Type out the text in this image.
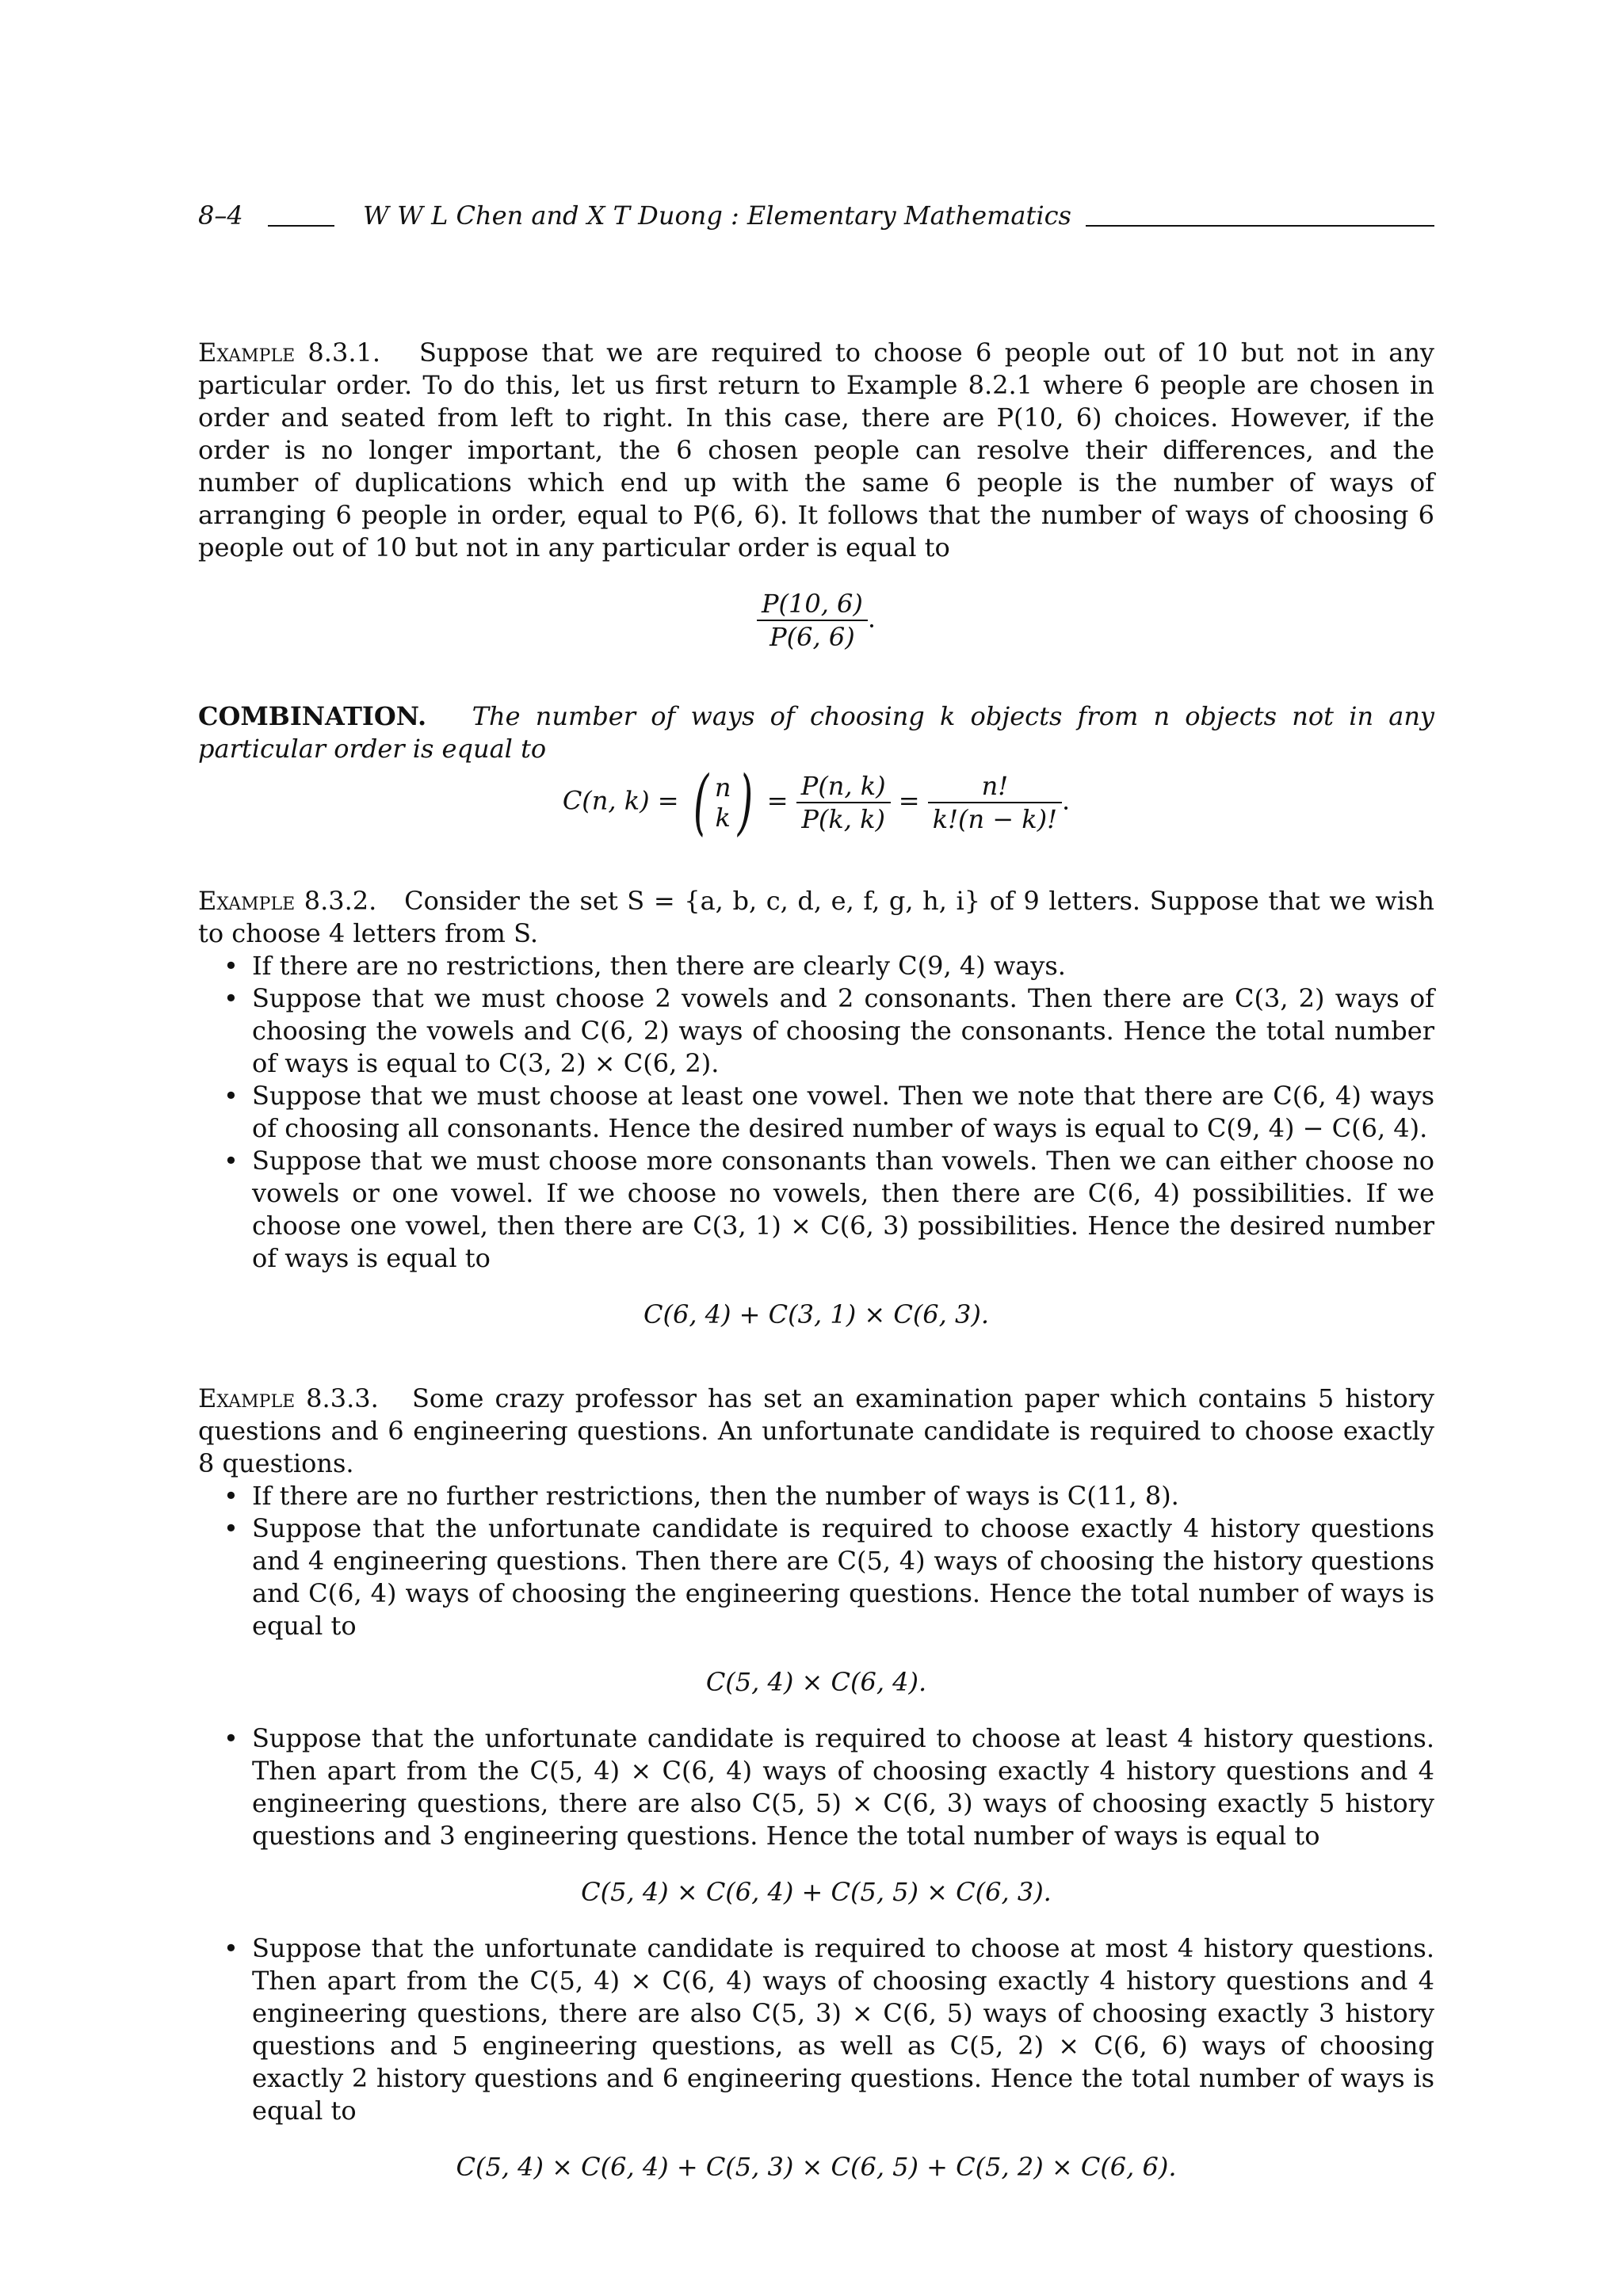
8–4	W W L Chen and X T Duong : Elementary Mathematics

Example 8.3.1. Suppose that we are required to choose 6 people out of 10 but not in any particular order. To do this, let us first return to Example 8.2.1 where 6 people are chosen in order and seated from left to right. In this case, there are P(10, 6) choices. However, if the order is no longer important, the 6 chosen people can resolve their differences, and the number of duplications which end up with the same 6 people is the number of ways of arranging 6 people in order, equal to P(6, 6). It follows that the number of ways of choosing 6 people out of 10 but not in any particular order is equal to

$\frac{P(10, 6)}{P(6, 6)}$ .

COMBINATION. The number of ways of choosing k objects from n objects not in any particular order is equal to

C(n, k) = ( n
k ) = $\frac{P(n, k)}{P(k, k)} = \frac{n!}{k!(n - k)!}$ .

Example 8.3.2. Consider the set S = {a, b, c, d, e, f, g, h, i} of 9 letters. Suppose that we wish to choose 4 letters from S.

• If there are no restrictions, then there are clearly C(9, 4) ways.
• Suppose that we must choose 2 vowels and 2 consonants. Then there are C(3, 2) ways of choosing the vowels and C(6, 2) ways of choosing the consonants. Hence the total number of ways is equal to C(3, 2) × C(6, 2).
• Suppose that we must choose at least one vowel. Then we note that there are C(6, 4) ways of choosing all consonants. Hence the desired number of ways is equal to C(9, 4) − C(6, 4).
• Suppose that we must choose more consonants than vowels. Then we can either choose no vowels or one vowel. If we choose no vowels, then there are C(6, 4) possibilities. If we choose one vowel, then there are C(3, 1) × C(6, 3) possibilities. Hence the desired number of ways is equal to
C(6, 4) + C(3, 1) × C(6, 3).

Example 8.3.3. Some crazy professor has set an examination paper which contains 5 history questions and 6 engineering questions. An unfortunate candidate is required to choose exactly 8 questions.

• If there are no further restrictions, then the number of ways is C(11, 8).
• Suppose that the unfortunate candidate is required to choose exactly 4 history questions and 4 engineering questions. Then there are C(5, 4) ways of choosing the history questions and C(6, 4) ways of choosing the engineering questions. Hence the total number of ways is equal to
C(5, 4) × C(6, 4).
• Suppose that the unfortunate candidate is required to choose at least 4 history questions. Then apart from the C(5, 4) × C(6, 4) ways of choosing exactly 4 history questions and 4 engineering questions, there are also C(5, 5) × C(6, 3) ways of choosing exactly 5 history questions and 3 engineering questions. Hence the total number of ways is equal to
C(5, 4) × C(6, 4) + C(5, 5) × C(6, 3).
• Suppose that the unfortunate candidate is required to choose at most 4 history questions. Then apart from the C(5, 4) × C(6, 4) ways of choosing exactly 4 history questions and 4 engineering questions, there are also C(5, 3) × C(6, 5) ways of choosing exactly 3 history questions and 5 engineering questions, as well as C(5, 2) × C(6, 6) ways of choosing exactly 2 history questions and 6 engineering questions. Hence the total number of ways is equal to
C(5, 4) × C(6, 4) + C(5, 3) × C(6, 5) + C(5, 2) × C(6, 6).
